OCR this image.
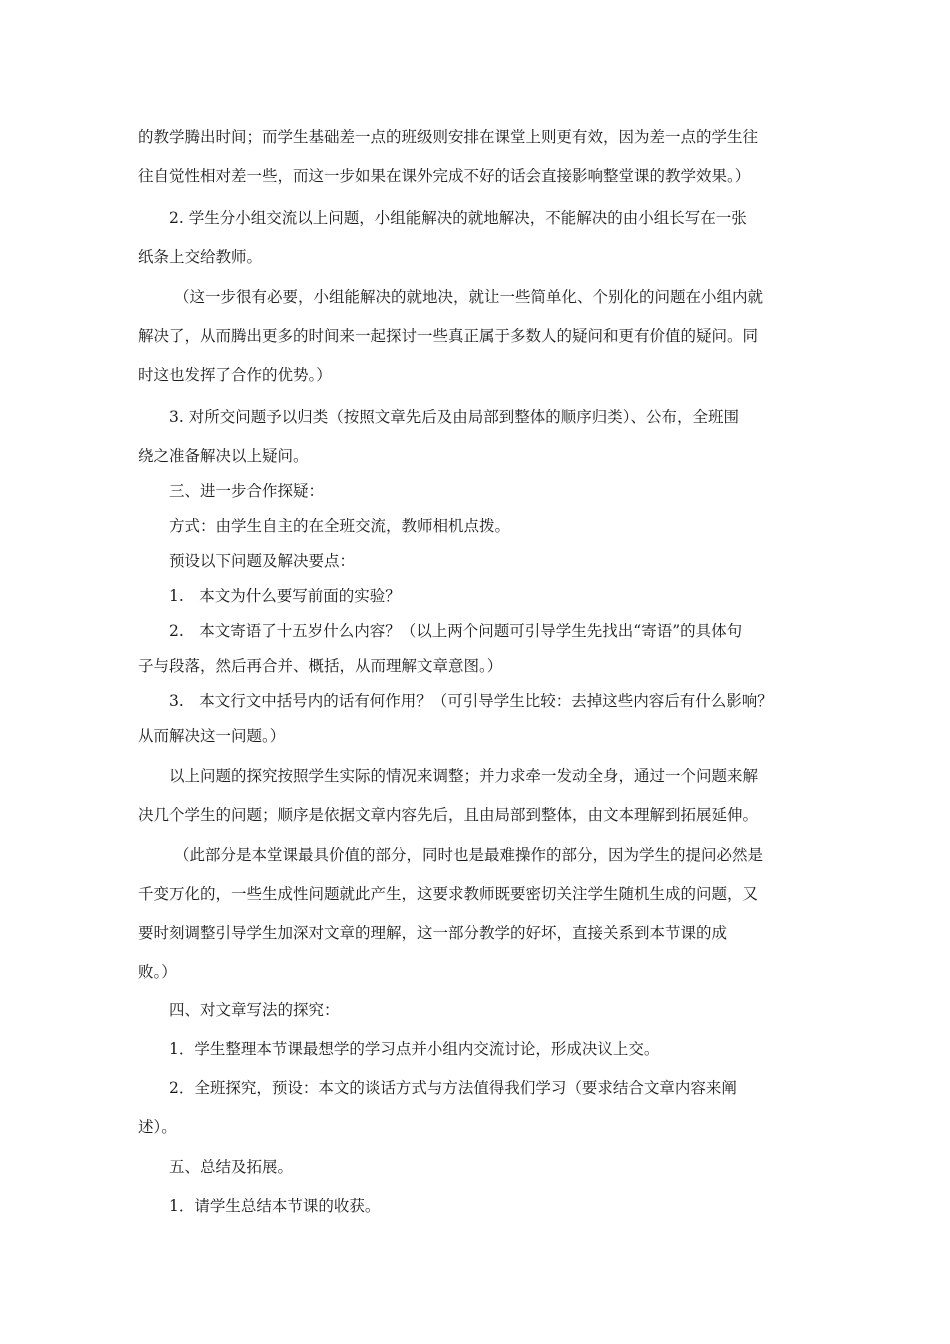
的教学腾出时间；而学生基础差一点的班级则安排在课堂上则更有效，因为差一点的学生往
往自觉性相对差一些，而这一步如果在课外完成不好的话会直接影响整堂课的教学效果。）
2. 学生分小组交流以上问题，小组能解决的就地解决，不能解决的由小组长写在一张
纸条上交给教师。
（这一步很有必要，小组能解决的就地决，就让一些简单化、个别化的问题在小组内就
解决了，从而腾出更多的时间来一起探讨一些真正属于多数人的疑问和更有价值的疑问。同
时这也发挥了合作的优势。）
3. 对所交问题予以归类（按照文章先后及由局部到整体的顺序归类）、公布，全班围
绕之准备解决以上疑问。
三、进一步合作探疑：
方式：由学生自主的在全班交流，教师相机点拨。
预设以下问题及解决要点：
1.　本文为什么要写前面的实验？
2.　本文寄语了十五岁什么内容？（以上两个问题可引导学生先找出“寄语”的具体句
子与段落，然后再合并、概括，从而理解文章意图。）
3.　本文行文中括号内的话有何作用？（可引导学生比较：去掉这些内容后有什么影响？
从而解决这一问题。）
以上问题的探究按照学生实际的情况来调整；并力求牵一发动全身，通过一个问题来解
决几个学生的问题；顺序是依据文章内容先后，且由局部到整体，由文本理解到拓展延伸。
（此部分是本堂课最具价值的部分，同时也是最难操作的部分，因为学生的提问必然是
千变万化的，一些生成性问题就此产生，这要求教师既要密切关注学生随机生成的问题，又
要时刻调整引导学生加深对文章的理解，这一部分教学的好坏，直接关系到本节课的成
败。）
四、对文章写法的探究：
1．学生整理本节课最想学的学习点并小组内交流讨论，形成决议上交。
2．全班探究，预设：本文的谈话方式与方法值得我们学习（要求结合文章内容来阐
述）。
五、总结及拓展。
1．请学生总结本节课的收获。
